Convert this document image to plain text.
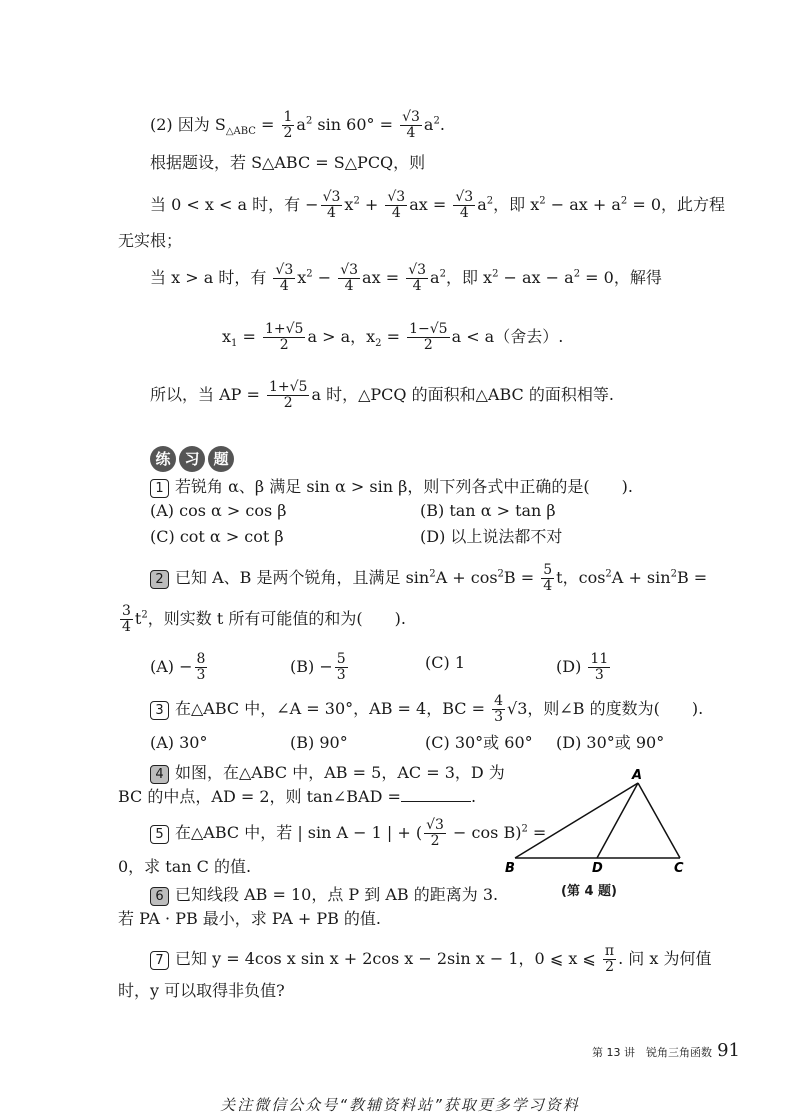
(2) 因为 $S_{\triangle ABC} = \frac{1}{2} a^2$ $\sin 60^\circ = \frac{√3}{4} a^2$.
根据题设，若 S△ABC = S△PCQ，则
当 0 < x < a 时，有 − $\frac{√3}{4} x^2 + \frac{√3}{4}$ ax = $\frac{√3}{4} a^2$，即 $x^2$ − ax + $a^2 = 0$，此方程
无实根；
当 x > a 时，有 $\frac{√3}{4} x^2 - \frac{√3}{4}$ ax = $\frac{√3}{4} a^2$，即 $x^2$ − ax − $a^2 = 0$，解得
$x_1 = \frac{1+√5}{2}$ a > a，$x_2 = \frac{1-√5}{2}$ a < a（舍去）.
所以，当 AP = $\frac{1+√5}{2}$ a 时，△PCQ 的面积和△ABC 的面积相等.
练 习 题
1 若锐角 α、β 满足 sin α > sin β，则下列各式中正确的是(　　).
(A) cos α > cos β	(B) tan α > tan β
(C) cot α > cot β	(D) 以上说法都不对
2 已知 A、B 是两个锐角，且满足 $\sin^2A + \cos^2B = \frac{5}{4}$ t，$\cos^2A + \sin^2B$ =
$\frac{3}{4} t^2$，则实数 t 所有可能值的和为(　　).
$(A) - \frac{8}{3}$	$(B) - \frac{5}{3}$	(C) 1	$(D) \frac{11}{3}$
3 在△ABC 中，∠A = 30°，AB = 4，BC = $\frac{4}{3} √3$，则∠B 的度数为(　　).
(A) 30°	(B) 90°	(C) 30°或 60° (D) 30°或 90°
4 如图，在△ABC 中，AB = 5，AC = 3，D 为
BC 的中点，AD = 2，则 tan∠BAD =	.
5 在△ABC 中，若 | sin A − 1 | + ( $\frac{√3}{2} - \cos B)^2$ =
0，求 tan C 的值.
6 已知线段 AB = 10，点 P 到 AB 的距离为 3.
若 PA · PB 最小，求 PA + PB 的值.
7 已知 y = 4cos x sin x + 2cos x − 2sin x − 1，0 ⩽ x ⩽ $\frac{\pi}{2}$ . 问 x 为何值
时，y 可以取得非负值?
A
B	D	C
(第 4 题)
第 13 讲　锐角三角函数 91
关注微信公众号“教辅资料站”获取更多学习资料
